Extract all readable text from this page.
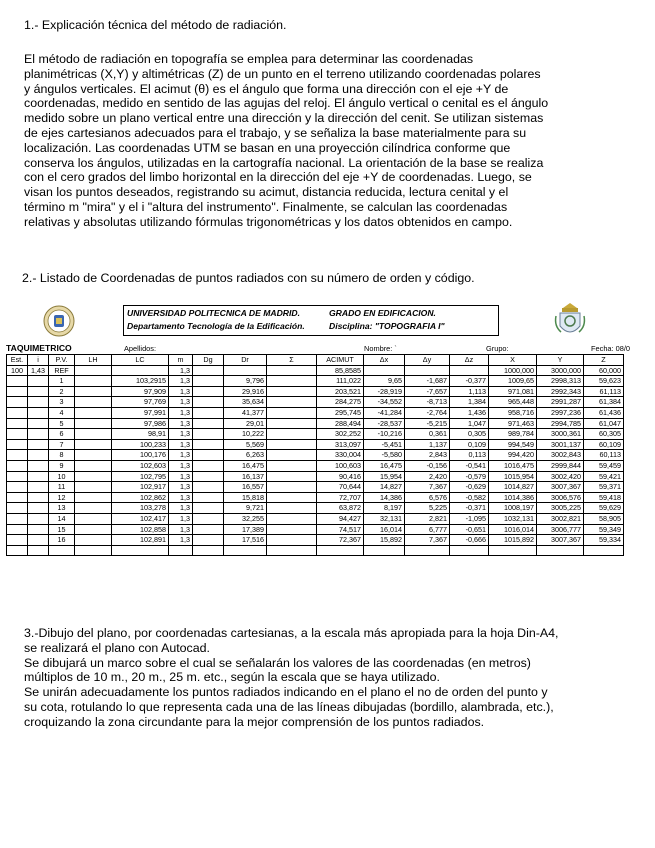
1.- Explicación técnica del método de radiación.

El método de radiación en topografía se emplea para determinar las coordenadas
planimétricas (X,Y) y altimétricas (Z) de un punto en el terreno utilizando coordenadas polares
y ángulos verticales. El acimut (θ) es el ángulo que forma una dirección con el eje +Y de
coordenadas, medido en sentido de las agujas del reloj. El ángulo vertical o cenital es el ángulo
medido sobre un plano vertical entre una dirección y la dirección del cenit. Se utilizan sistemas
de ejes cartesianos adecuados para el trabajo, y se señaliza la base materialmente para su
localización. Las coordenadas UTM se basan en una proyección cilíndrica conforme que
conserva los ángulos, utilizadas en la cartografía nacional. La orientación de la base se realiza
con el cero grados del limbo horizontal en la dirección del eje +Y de coordenadas. Luego, se
visan los puntos deseados, registrando su acimut, distancia reducida, lectura cenital y el
término m "mira" y el i "altura del instrumento". Finalmente, se calculan las coordenadas
relativas y absolutas utilizando fórmulas trigonométricas y los datos obtenidos en campo.

2.- Listado de Coordenadas de puntos radiados con su número de orden y código.

UNIVERSIDAD POLITECNICA DE MADRID.
Departamento Tecnología de la Edificación.
GRADO EN EDIFICACION.
Disciplina: "TOPOGRAFIA I"
TAQUIMETRICO	Apellidos:	Nombre: `	Grupo:	Fecha: 08/0
Est.	i	P.V.	LH	LC	m	Dg	Dr	Σ	ACIMUT	Δx	Δy	Δz	X	Y	Z
100	1,43	REF			1,3				85,8585				1000,000	3000,000	60,000
		1		103,2915	1,3		9,796		111,022	9,65	-1,687	-0,377	1009,65	2998,313	59,623
		2		97,909	1,3		29,916		203,521	-28,919	-7,657	1,113	971,081	2992,343	61,113
		3		97,769	1,3		35,634		284,275	-34,552	-8,713	1,384	965,448	2991,287	61,384
		4		97,991	1,3		41,377		295,745	-41,284	-2,764	1,436	958,716	2997,236	61,436
		5		97,986	1,3		29,01		288,494	-28,537	-5,215	1,047	971,463	2994,785	61,047
		6		98,91	1,3		10,222		302,252	-10,216	0,361	0,305	989,784	3000,361	60,305
		7		100,233	1,3		5,569		313,097	-5,451	1,137	0,109	994,549	3001,137	60,109
		8		100,176	1,3		6,263		330,004	-5,580	2,843	0,113	994,420	3002,843	60,113
		9		102,603	1,3		16,475		100,603	16,475	-0,156	-0,541	1016,475	2999,844	59,459
		10		102,795	1,3		16,137		90,416	15,954	2,420	-0,579	1015,954	3002,420	59,421
		11		102,917	1,3		16,557		70,644	14,827	7,367	-0,629	1014,827	3007,367	59,371
		12		102,862	1,3		15,818		72,707	14,386	6,576	-0,582	1014,386	3006,576	59,418
		13		103,278	1,3		9,721		63,872	8,197	5,225	-0,371	1008,197	3005,225	59,629
		14		102,417	1,3		32,255		94,427	32,131	2,821	-1,095	1032,131	3002,821	58,905
		15		102,858	1,3		17,389		74,517	16,014	6,777	-0,651	1016,014	3006,777	59,349
		16		102,891	1,3		17,516		72,367	15,892	7,367	-0,666	1015,892	3007,367	59,334

3.-Dibujo del plano, por coordenadas cartesianas, a la escala más apropiada para la hoja Din-A4,
se realizará el plano con Autocad.
Se dibujará un marco sobre el cual se señalarán los valores de las coordenadas (en metros)
múltiplos de 10 m., 20 m., 25 m. etc., según la escala que se haya utilizado.
Se unirán adecuadamente los puntos radiados indicando en el plano el no de orden del punto y
su cota, rotulando lo que representa cada una de las líneas dibujadas (bordillo, alambrada, etc.),
croquizando la zona circundante para la mejor comprensión de los puntos radiados.
